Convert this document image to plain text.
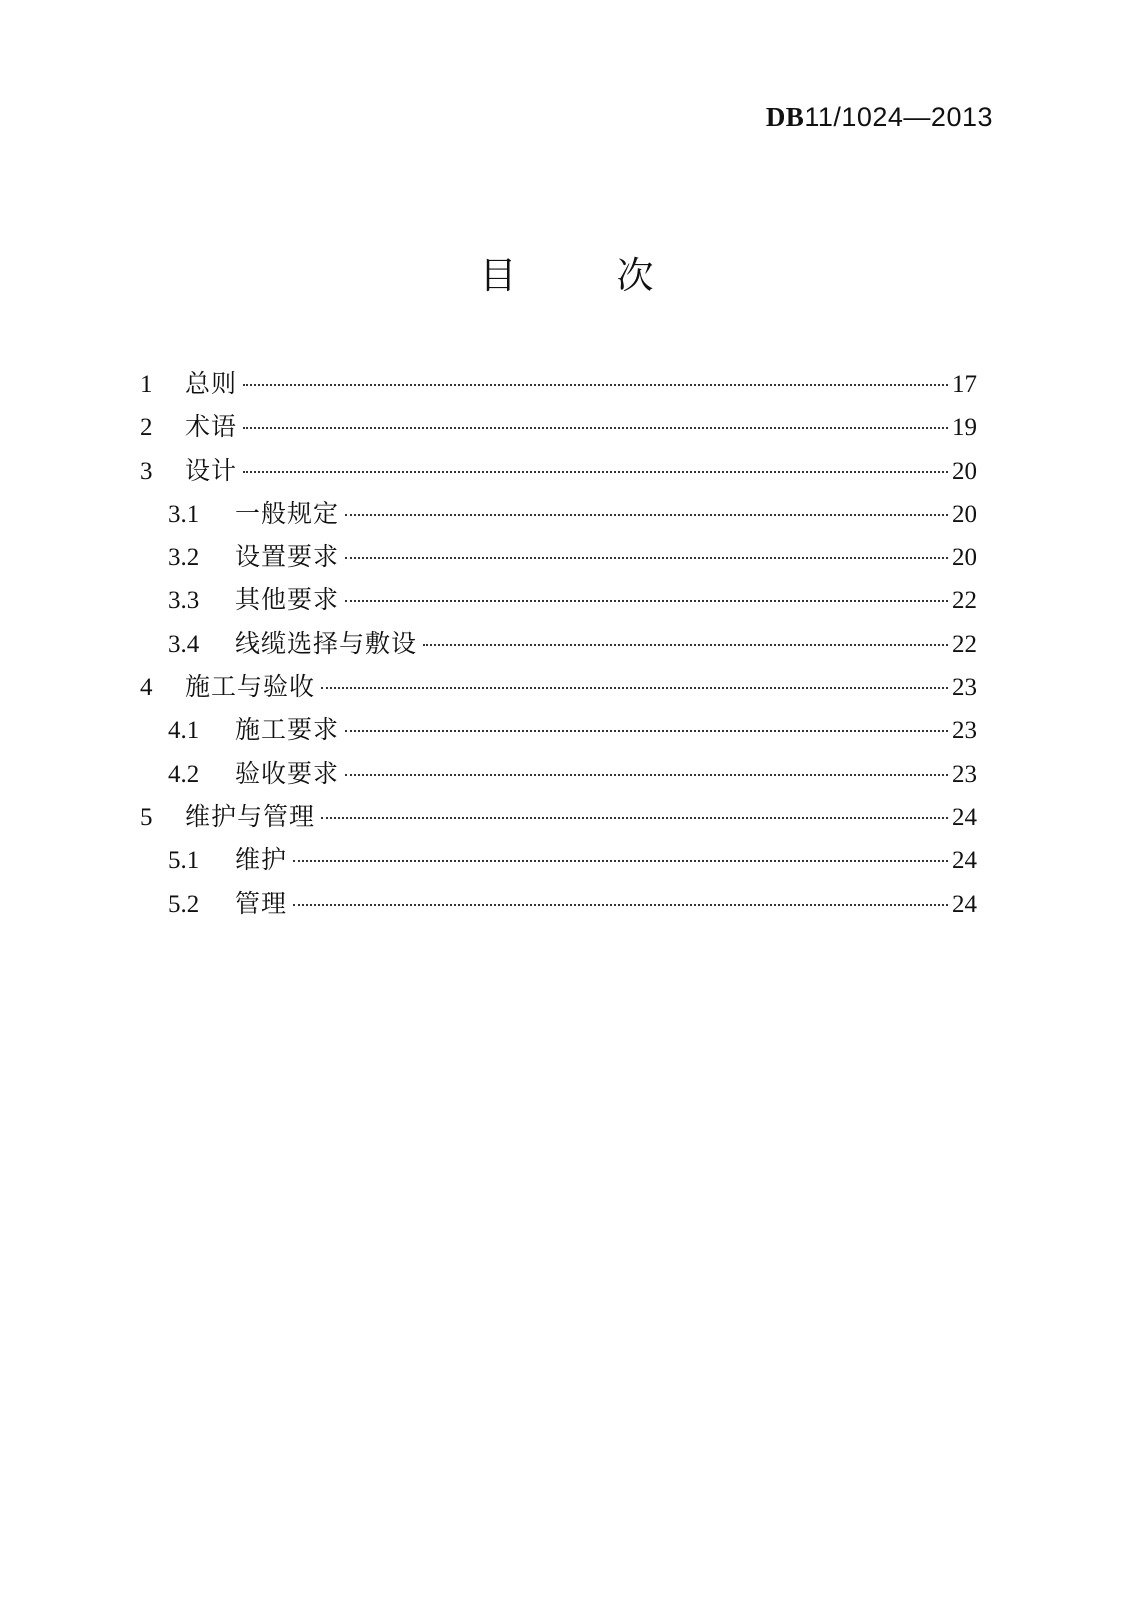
DB11/1024—2013
目	次
1	总则	17
2	术语	19
3	设计	20
3.1	一般规定	20
3.2	设置要求	20
3.3	其他要求	22
3.4	线缆选择与敷设	22
4	施工与验收	23
4.1	施工要求	23
4.2	验收要求	23
5	维护与管理	24
5.1	维护	24
5.2	管理	24
